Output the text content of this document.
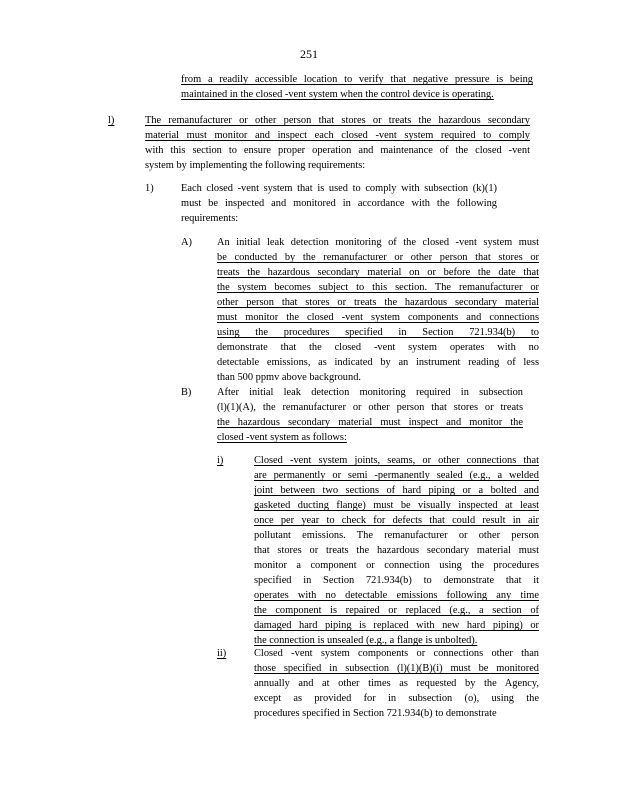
251
from a readily accessible location to verify that negative pressure is being
maintained in the closed -vent system when the control device is operating.
l)	The remanufacturer or other person that stores or treats the hazardous secondary
material must monitor and inspect each closed -vent system required to comply
with this section to ensure proper operation and maintenance of the closed -vent
system by implementing the following requirements:
1)	Each closed -vent system that is used to comply with subsection (k)(1)
must be inspected and monitored in accordance with the following
requirements:
A) An initial leak detection monitoring of the closed -vent system must
be conducted by the remanufacturer or other person that stores or
treats the hazardous secondary material on or before the date that
the system becomes subject to this section. The remanufacturer or
other person that stores or treats the hazardous secondary material
must monitor the closed -vent system components and connections
using the procedures specified in Section 721.934(b) to
demonstrate that the closed -vent system operates with no
detectable emissions, as indicated by an instrument reading of less
than 500 ppmv above background.
B) After initial leak detection monitoring required in subsection
(l)(1)(A), the remanufacturer or other person that stores or treats
the hazardous secondary material must inspect and monitor the
closed -vent system as follows:
i)	Closed -vent system joints, seams, or other connections that
are permanently or semi -permanently sealed (e.g., a welded
joint between two sections of hard piping or a bolted and
gasketed ducting flange) must be visually inspected at least
once per year to check for defects that could result in air
pollutant emissions. The remanufacturer or other person
that stores or treats the hazardous secondary material must
monitor a component or connection using the procedures
specified in Section 721.934(b) to demonstrate that it
operates with no detectable emissions following any time
the component is repaired or replaced (e.g., a section of
damaged hard piping is replaced with new hard piping) or
the connection is unsealed (e.g., a flange is unbolted).
ii)	Closed -vent system components or connections other than
those specified in subsection (l)(1)(B)(i) must be monitored
annually and at other times as requested by the Agency,
except as provided for in subsection (o), using the
procedures specified in Section 721.934(b) to demonstrate
